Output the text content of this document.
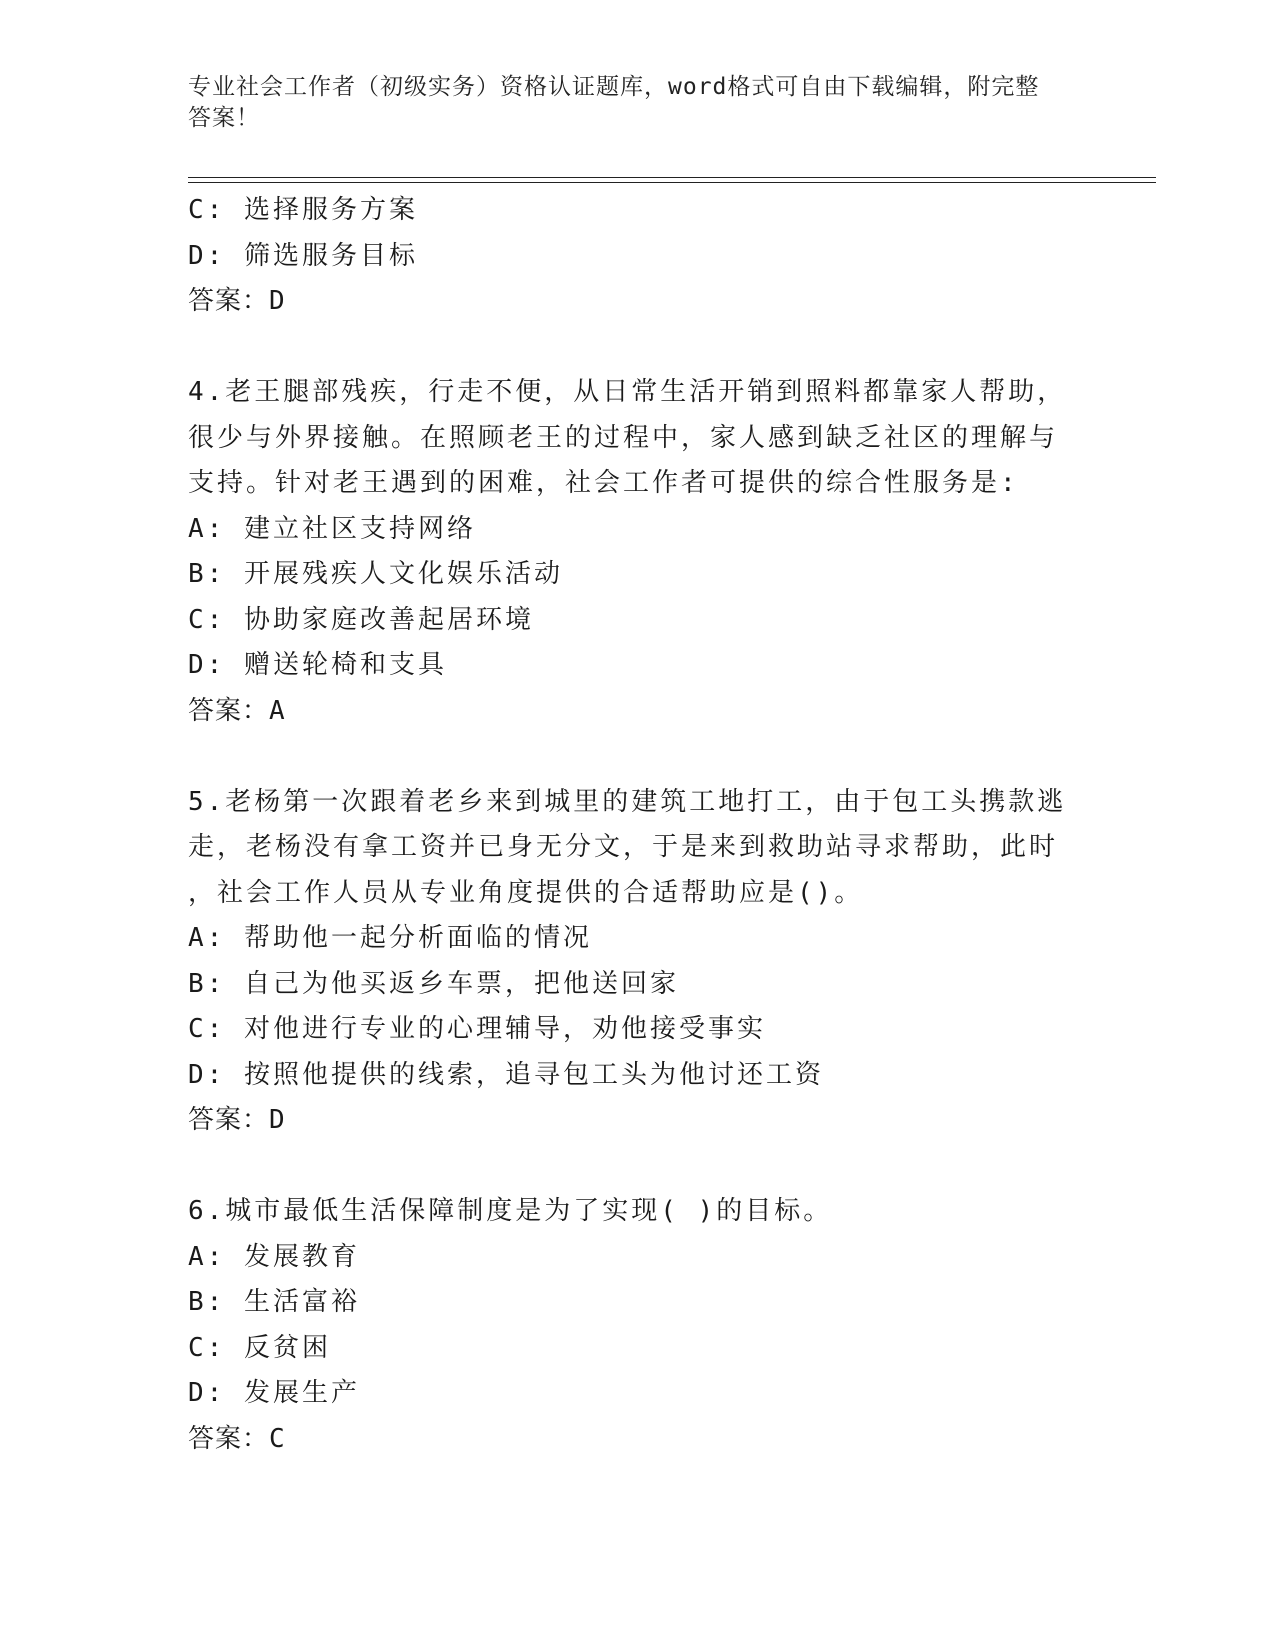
专业社会工作者（初级实务）资格认证题库，word格式可自由下载编辑，附完整
答案！
C: 选择服务方案
D: 筛选服务目标
答案：D
4.老王腿部残疾，行走不便，从日常生活开销到照料都靠家人帮助，
很少与外界接触。在照顾老王的过程中，家人感到缺乏社区的理解与
支持。针对老王遇到的困难，社会工作者可提供的综合性服务是:
A: 建立社区支持网络
B: 开展残疾人文化娱乐活动
C: 协助家庭改善起居环境
D: 赠送轮椅和支具
答案：A
5.老杨第一次跟着老乡来到城里的建筑工地打工，由于包工头携款逃
走，老杨没有拿工资并已身无分文，于是来到救助站寻求帮助，此时
，社会工作人员从专业角度提供的合适帮助应是()。
A: 帮助他一起分析面临的情况
B: 自己为他买返乡车票，把他送回家
C: 对他进行专业的心理辅导，劝他接受事实
D: 按照他提供的线索，追寻包工头为他讨还工资
答案：D
6.城市最低生活保障制度是为了实现( )的目标。
A: 发展教育
B: 生活富裕
C: 反贫困
D: 发展生产
答案：C
